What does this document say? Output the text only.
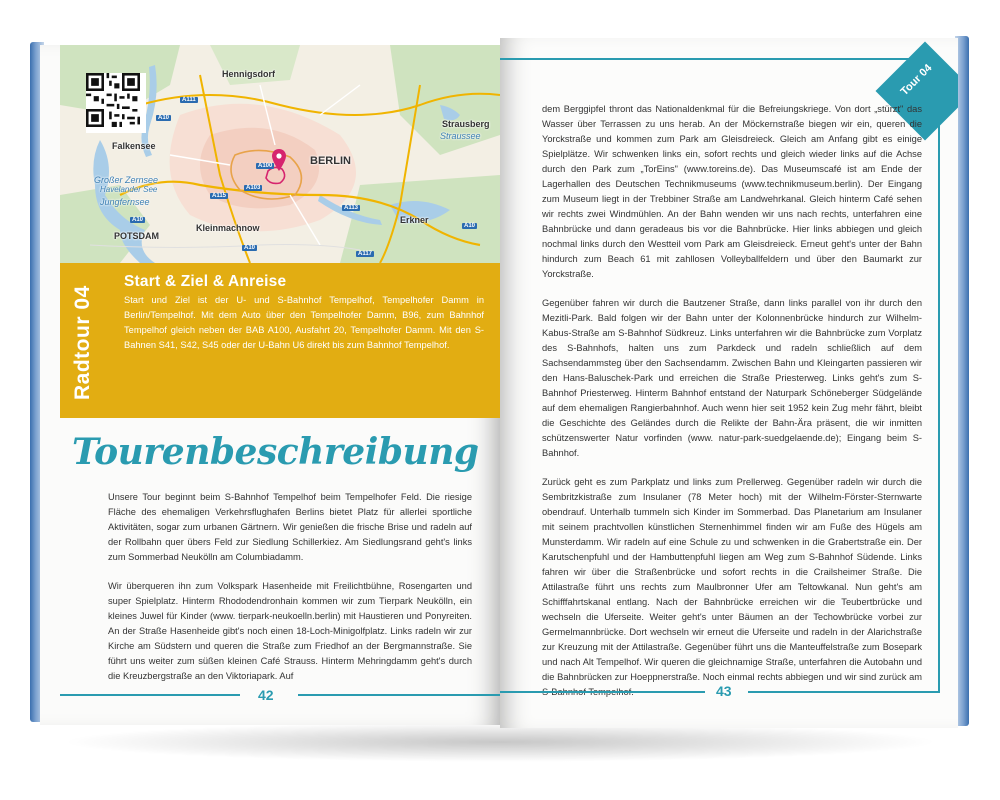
Hennigsdorf
Falkensee
Strausberg
Straussee
BERLIN
Erkner
POTSDAM
Kleinmachnow
Großer Zernsee
Havelander See
Jungfernsee
A111
A10
A100
A103
A113
A115
A10
A117
A10
A10
Radtour 04
Start & Ziel & Anreise
Start und Ziel ist der U- und S-Bahnhof Tempelhof, Tempelhofer Damm in Berlin/Tempelhof. Mit dem Auto über den Tempelhofer Damm, B96, zum Bahnhof Tempelhof gleich neben der BAB A100, Ausfahrt 20, Tempelhofer Damm. Mit den S-Bahnen S41, S42, S45 oder der U-Bahn U6 direkt bis zum Bahnhof Tempelhof.
Tourenbeschreibung

Unsere Tour beginnt beim S-Bahnhof Tempelhof beim Tempelhofer Feld. Die riesige Fläche des ehemaligen Verkehrsflughafen Berlins bietet Platz für allerlei sportliche Aktivitäten, sogar zum urbanen Gärtnern. Wir genießen die frische Brise und radeln auf der Rollbahn quer übers Feld zur Siedlung Schillerkiez. Am Siedlungsrand geht's links zum Sommerbad Neukölln am Columbiadamm.

Wir überqueren ihn zum Volkspark Hasenheide mit Freilichtbühne, Rosengarten und super Spielplatz. Hinterm Rhododendronhain kommen wir zum Tierpark Neukölln, ein kleines Juwel für Kinder (www. tierpark-neukoelln.berlin) mit Haustieren und Ponyreiten. An der Straße Hasenheide gibt's noch einen 18-Loch-Minigolfplatz. Links radeln wir zur Kirche am Südstern und queren die Straße zum Friedhof an der Bergmannstraße. Sie führt uns weiter zum süßen kleinen Café Strauss. Hinterm Mehringdamm geht's durch die Kreuzbergstraße an den Viktoriapark. Auf

42
Tour 04

dem Berggipfel thront das Nationaldenkmal für die Befreiungskriege. Von dort „stürzt" das Wasser über Terrassen zu uns herab. An der Möckernstraße biegen wir ein, queren die Yorckstraße und kommen zum Park am Gleisdreieck. Gleich am Anfang gibt es einige Spielplätze. Wir schwenken links ein, sofort rechts und gleich wieder links auf die Achse durch den Park zum „TorEins" (www.toreins.de). Das Museumscafé ist am Ende der Lagerhallen des Deutschen Technikmuseums (www.technikmuseum.berlin). Der Eingang zum Museum liegt in der Trebbiner Straße am Landwehrkanal. Gleich hinterm Café sehen wir rechts zwei Windmühlen. An der Bahn wenden wir uns nach rechts, unterfahren eine Bahnbrücke und dann geradeaus bis vor die Bahnbrücke. Hier links abbiegen und gleich nochmal links durch den Westteil vom Park am Gleisdreieck. Erneut geht's unter der Bahn hindurch zum Beach 61 mit zahllosen Volleyballfeldern und über den Baumarkt zur Yorckstraße.

Gegenüber fahren wir durch die Bautzener Straße, dann links parallel von ihr durch den Mezitli-Park. Bald folgen wir der Bahn unter der Kolonnenbrücke hindurch zur Wilhelm-Kabus-Straße am S-Bahnhof Südkreuz. Links unterfahren wir die Bahnbrücke zum Vorplatz des S-Bahnhofs, halten uns zum Parkdeck und radeln schließlich auf dem Sachsendammsteg über den Sachsendamm. Zwischen Bahn und Kleingarten passieren wir den Hans-Baluschek-Park und erreichen die Straße Priesterweg. Links geht's zum S-Bahnhof Priesterweg. Hinterm Bahnhof entstand der Naturpark Schöneberger Südgelände auf dem ehemaligen Rangierbahnhof. Auch wenn hier seit 1952 kein Zug mehr fährt, bleibt die Geschichte des Geländes durch die Relikte der Bahn-Ära präsent, die wir inmitten schützenswerter Natur vorfinden (www. natur-park-suedgelaende.de); Eingang beim S-Bahnhof.

Zurück geht es zum Parkplatz und links zum Prellerweg. Gegenüber radeln wir durch die Sembritzkistraße zum Insulaner (78 Meter hoch) mit der Wilhelm-Förster-Sternwarte obendrauf. Unterhalb tummeln sich Kinder im Sommerbad. Das Planetarium am Insulaner mit seinem prachtvollen künstlichen Sternenhimmel finden wir am Fuße des Hügels am Munsterdamm. Wir radeln auf eine Schule zu und schwenken in die Grabertstraße ein. Der Karutschenpfuhl und der Hambuttenpfuhl liegen am Weg zum S-Bahnhof Südende. Links fahren wir über die Straßenbrücke und sofort rechts in die Crailsheimer Straße. Die Attilastraße führt uns rechts zum Maulbronner Ufer am Teltowkanal. Nun geht's am Schifffahrtskanal entlang. Nach der Bahnbrücke erreichen wir die Teubertbrücke und wechseln die Uferseite. Weiter geht's unter Bäumen an der Techowbrücke vorbei zur Germelmannbrücke. Dort wechseln wir erneut die Uferseite und radeln in der Alarichstraße zur Kreuzung mit der Attilastraße. Gegenüber führt uns die Manteuffelstraße zum Bosepark und nach Alt Tempelhof. Wir queren die gleichnamige Straße, unterfahren die Autobahn und die Bahnbrücken zur Hoeppnerstraße. Noch einmal rechts abbiegen und wir sind zurück am

43
